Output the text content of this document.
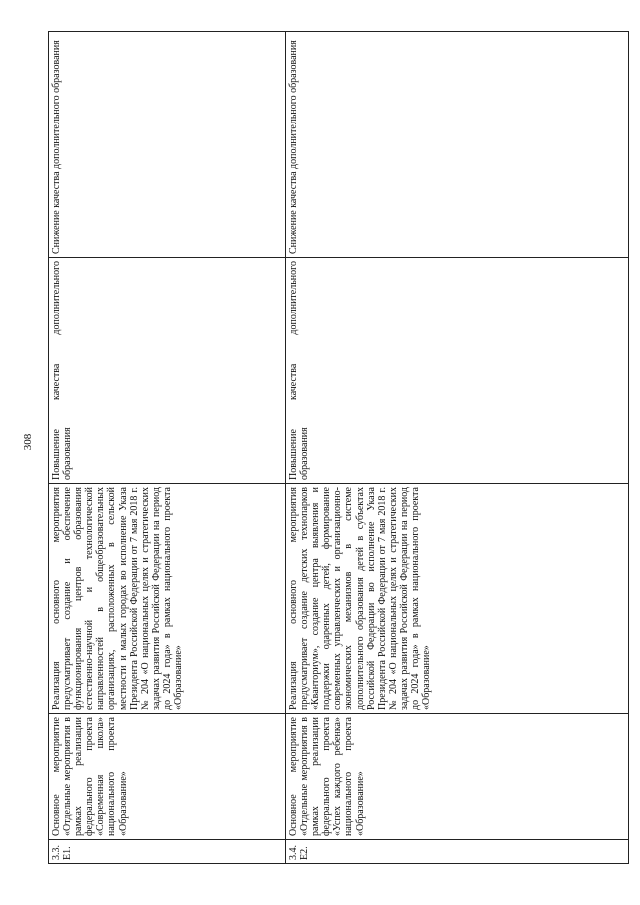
308
3.3. Е1.	Основное мероприятие «Отдельные мероприятия в рамках реализации федерального проекта «Современная школа» национального проекта «Образование»	Реализация основного мероприятия предусматривает создание и обеспечение функционирования центров образования естественно-научной и технологической направленностей в общеобразовательных организациях, расположенных в сельской местности и малых городах во исполнение Указа Президента Российской Федерации от 7 мая 2018 г. № 204 «О национальных целях и стратегических задачах развития Российской Федерации на период до 2024 года» в рамках национального проекта «Образование»	Повышение качества дополнительного образования	Снижение качества дополнительного образования

3.4. Е2.	Основное мероприятие «Отдельные мероприятия в рамках реализации федерального проекта «Успех каждого ребенка» национального проекта «Образование»	Реализация основного мероприятия предусматривает создание детских технопарков «Кванториум», создание центра выявления и поддержки одаренных детей, формирование современных управленческих и организационно-экономических механизмов в системе дополнительного образования детей в субъектах Российской Федерации во исполнение Указа Президента Российской Федерации от 7 мая 2018 г. № 204 «О национальных целях и стратегических задачах развития Российской Федерации на период до 2024 года» в рамках национального проекта «Образование»	Повышение качества дополнительного образования	Снижение качества дополнительного образования
